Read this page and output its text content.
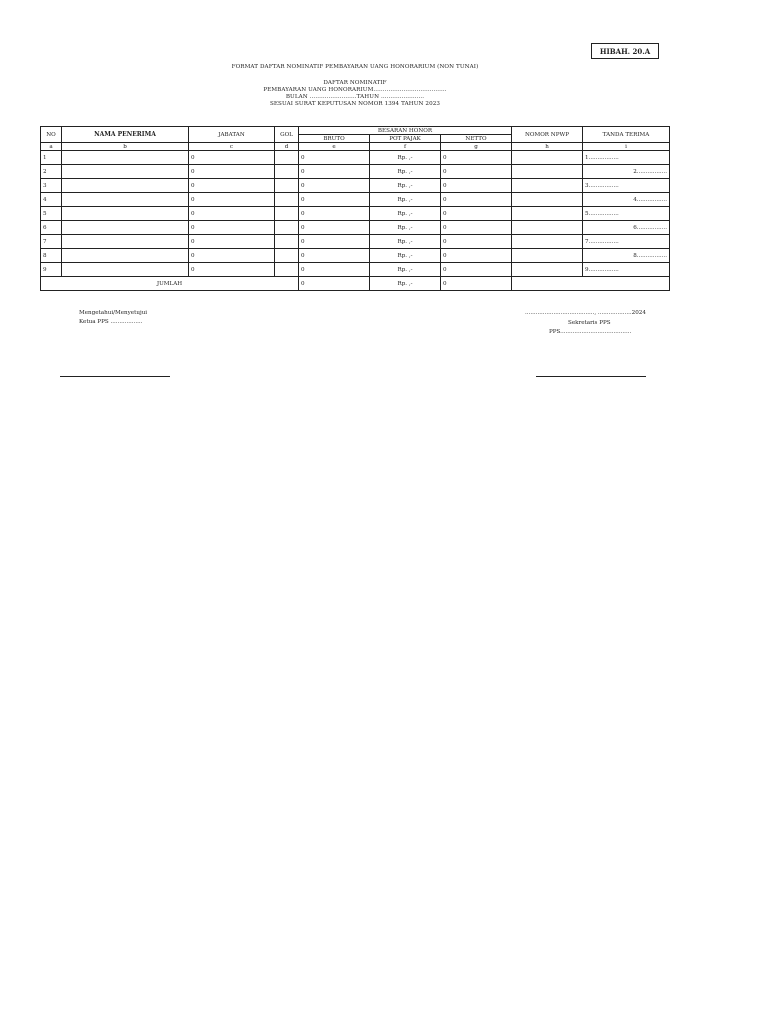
HIBAH. 20.A
FORMAT DAFTAR NOMINATIF PEMBAYARAN UANG HONORARIUM (NON TUNAI)
DAFTAR NOMINATIF
PEMBAYARAN UANG HONORARIUM.......................................
BULAN .........................TAHUN .......................
SESUAI SURAT KEPUTUSAN NOMOR 1394 TAHUN 2023
NO	NAMA PENERIMA	JABATAN	GOL	BESARAN HONOR			NOMOR NPWP	TANDA TERIMA
				BRUTO	POT PAJAK	NETTO		
a	b	c	d	e	f	g	h	i
1		0		0	Rp. ,-	0		1.................
2		0		0	Rp. ,-	0		2.................
3		0		0	Rp. ,-	0		3.................
4		0		0	Rp. ,-	0		4.................
5		0		0	Rp. ,-	0		5.................
6		0		0	Rp. ,-	0		6.................
7		0		0	Rp. ,-	0		7.................
8		0		0	Rp. ,-	0		8.................
9		0		0	Rp. ,-	0		9.................
JUMLAH				0	Rp. ,-	0		
Mengetahui/Menyetujui
Ketua PPS ..................
......................................., ...................2024
Sekretaris PPS
PPS........................................
